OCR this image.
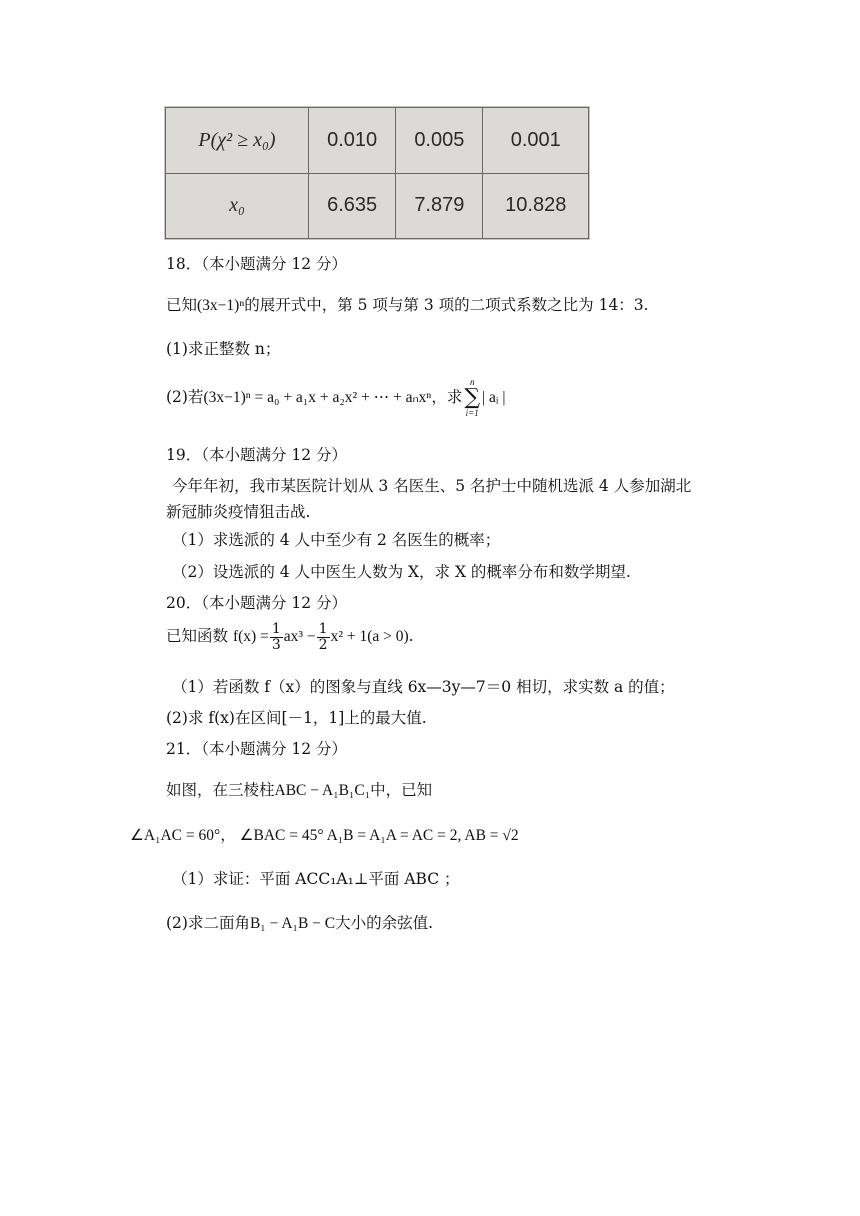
P(χ² ≥ x₀)	0.010	0.005	0.001
x₀	6.635	7.879	10.828
18．（本小题满分 12 分）
已知(3x−1)ⁿ的展开式中，第 5 项与第 3 项的二项式系数之比为 14：3.
(1)求正整数 n；
(2)若(3x−1)ⁿ = a₀ + a₁x + a₂x² + ⋯ + aₙxⁿ，求
n
∑
i=1
| aᵢ |
19．（本小题满分 12 分）
今年年初，我市某医院计划从 3 名医生、5 名护士中随机选派 4 人参加湖北
新冠肺炎疫情狙击战.
（1）求选派的 4 人中至少有 2 名医生的概率；
（2）设选派的 4 人中医生人数为 X，求 X 的概率分布和数学期望.
20．（本小题满分 12 分）
已知函数 $f(x) = \frac{1}{3} ax^3 - \frac{1}{2} x^2 + 1(a > 0)$.
（1）若函数 f（x）的图象与直线 6x—3y—7＝0 相切，求实数 a 的值；
(2)求 f(x)在区间[－1，1]上的最大值.
21．（本小题满分 12 分）
如图，在三棱柱ABC − A₁B₁C₁中，已知
∠A₁AC = 60°， ∠BAC = 45° A₁B = A₁A = AC = 2, AB = √2
（1）求证：平面 ACC₁A₁⊥平面 ABC ；
(2)求二面角B₁ − A₁B − C大小的余弦值.
